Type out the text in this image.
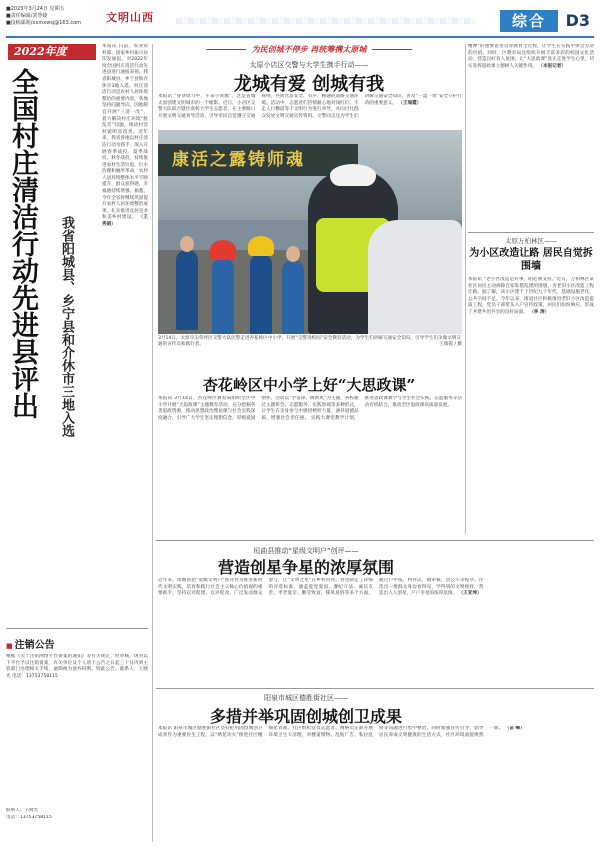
■2023年3月24日 星期五
■责任编辑/刘慧婕
■投稿邮箱/xxmxwsj@163.com	文明山西	综合	D3
2022年度
全国村庄清洁行动先进县评出	我省阳城县、乡宁县和介休市三地入选
本报讯 日前，农业农村部、国家乡村振兴局印发通报，对2022年度全国村庄清洁行动先进县进行通报表扬。我省阳城县、乡宁县和介休市3地入选。村庄清洁行动是农村人居环境整治的重要内容，各地坚持问题导向，因地制宜开展“三清一改”，着力解决村庄环境“脏乱差”问题，推动村容村貌明显改善。近年来，我省各地以村庄清洁行动为抓手，深入开展春季战役、夏季战役、秋冬战役，持续推进农村生活垃圾、污水治理和厕所革命，农村人居环境整体水平不断提升，群众获得感、幸福感持续增强。据悉，今年全省将继续巩固提升农村人居环境整治成果，扎实推进宜居宜业和美乡村建设。 （王秀娟）
■ 注销公告
根据《关于注销网络平台备案的通知》等有关规定，经审核，现对以下平台予以注销备案，有关单位及个人请于公告之日起三十日内到主管部门办理相关手续，逾期视为放弃权利。特此公告。联系人：王晓光 电话：13753758115
联系人：王晓光
电话：13753758115
为民创城不停步 再统筹携太原城
太原小店区交警与大学生携手行动——
龙城有爱 创城有我
本报讯 “身穿绿马甲，手拿小黄旗”，这是省城太原创建文明城市的一个缩影。近日，小店区交警大队联合辖区高校大学生志愿者，在主要路口开展文明交通劝导活动，引导市民自觉遵守交通规则，共同营造安全、有序、畅通的道路交通环境。活动中，志愿者们热情耐心地对闯红灯、不走人行横道等不文明行为进行劝导，并向过往群众发放文明交通宣传资料。交警同志还为学生们讲解交通安全知识，普及“一盔一带”安全守护行动的重要意义。 （王瑞霞）
康活之露铸师魂
3月14日，太原市尖草坪区交警大队民警走进杏花岭区中小学，开展“交警进校园”安全教育活动，为学生们讲解交通安全知识，引导学生们争做文明交通的宣传员和践行者。	王瑞霞 / 摄
杏花岭区中小学上好“大思政课”
本报讯 3月14日，杏花岭区教育局组织全区中小学开展“大思政课”主题教育活动，充分挖掘各类思政资源，推动思想政治理论课与社会实践深度融合，引导广大学生坚定理想信念，厚植爱国情怀。活动以“学雷锋、树新风”为主题，各校通过主题班会、志愿服务、实践参观等多种形式，让学生在亲身参与中感悟榜样力量、涵养道德品质、增强社会责任感。 实践大课堂教学计划，推进思政课教学与学生社会实践、志愿服务等活动有机结合，推动全区思政课高质量发展。
精神”的重要论述贯穿教育全过程，让学生在实践中体会劳动的价值。同时，区教育局还组织开展丰富多彩的校园文化活动，营造良好育人氛围，让“大思政课”真正走进学生心里，切实发挥思政课立德树人关键作用。 （本报记者）
太原万柏林区——
为小区改造让路 居民自觉拆围墙
本报讯 “老小区改造是好事，咱必须支持。”近日，万柏林区某社区居民主动拆除自家私搭乱建的围墙，为老旧小区改造工程让路。据了解，该小区建于上世纪九十年代，基础设施老化、公共空间不足。今年以来，街道社区积极推进老旧小区改造提质工程，党员干部带头入户宣传政策，居民们纷纷响应，形成了共建共治共享的良好局面。 （李 涛）
垣曲县推动“星级文明户”创评——
营造创星争星的浓厚氛围
近年来，垣曲县把“星级文明户”创评作为推进新时代文明实践、培育和践行社会主义核心价值观的重要抓手，坚持以评促建、以评促改，广泛发动群众参与，让“文明之星”在乡村闪亮。县里制定了详细的评选标准，涵盖爱党爱国、遵纪守法、诚信友善、孝老爱亲、勤劳致富、移风易俗等多个方面，通过户申报、村评议、镇审核、县公示等程序，评选出一批群众身边看得见、学得到的文明榜样，营造出人人创星、户户争星的浓厚氛围。 （王亚坤）
阳泉市城区德胜街社区——
多措并举巩固创城创卫成果
本报讯 阳泉市城区德胜街社区坚持把巩固创城创卫成果作为重要民生工程，以“绣花功夫”推进社区精细化管理。社区组织党员志愿者、网格员定期开展环境卫生大清理，对楼道堆物、乱贴广告、私拉乱接等问题进行集中整治，同时加强宣传引导，倡导居民养成文明健康的生活方式，社区环境面貌焕然一新。 （苗 峰）
